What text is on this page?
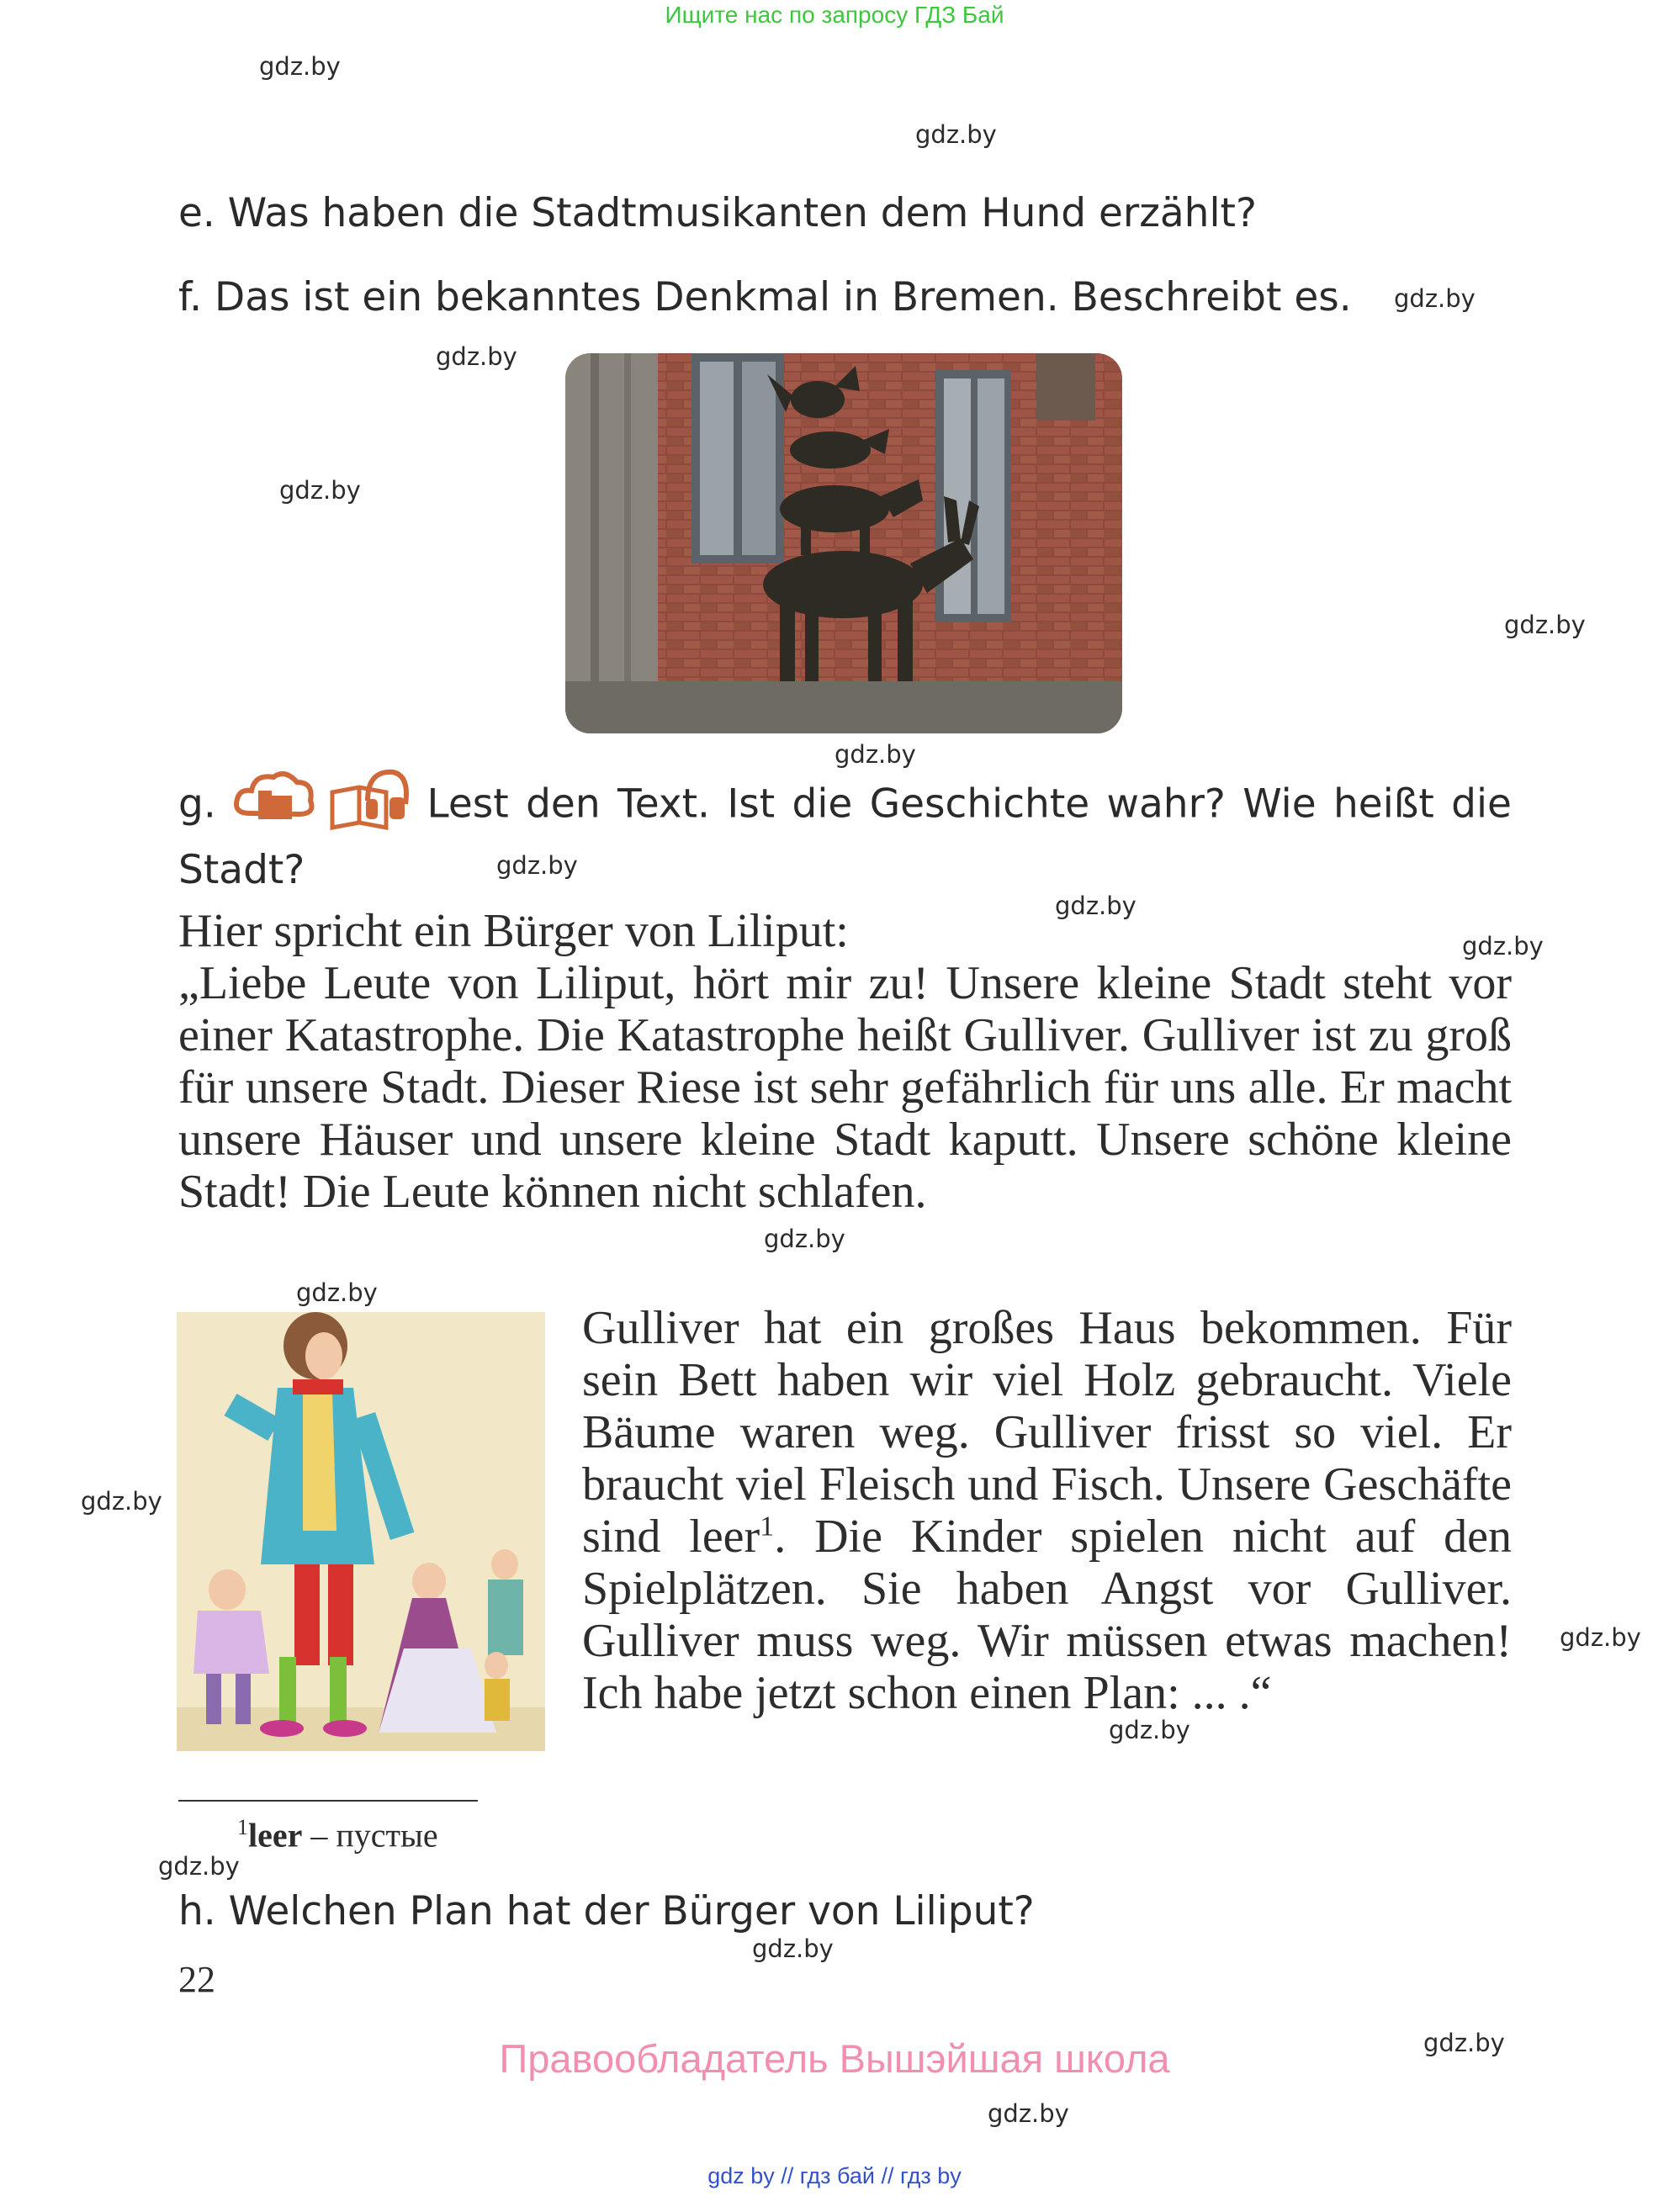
Ищите нас по запросу ГДЗ Бай
gdz.by
gdz.by
gdz.by
gdz.by
gdz.by
gdz.by
gdz.by
gdz.by
gdz.by
gdz.by
gdz.by
gdz.by
gdz.by
gdz.by
gdz.by
gdz.by
gdz.by
gdz.by
gdz.by
e. Was haben die Stadtmusikanten dem Hund erzählt?
f. Das ist ein bekanntes Denkmal in Bremen. Beschreibt es.
g.	Lest den Text. Ist die Geschichte wahr? Wie heißt die Stadt?
Hier spricht ein Bürger von Liliput:
„Liebe Leute von Liliput, hört mir zu! Unsere kleine Stadt steht vor einer Katastrophe. Die Katastrophe heißt Gulliver. Gulliver ist zu groß für unsere Stadt. Dieser Riese ist sehr gefährlich für uns alle. Er macht unsere Häuser und unsere kleine Stadt kaputt. Unsere schöne kleine Stadt! Die Leute können nicht schlafen.
Gulliver hat ein großes Haus bekommen. Für sein Bett haben wir viel Holz gebraucht. Viele Bäume waren weg. Gulliver frisst so viel. Er braucht viel Fleisch und Fisch. Unsere Geschäfte sind leer$^1$. Die Kinder spielen nicht auf den Spielplätzen. Sie haben Angst vor Gulliver. Gulliver muss weg. Wir müssen etwas machen! Ich habe jetzt schon einen Plan: ... .“
$^1$leer – пустые
h. Welchen Plan hat der Bürger von Liliput?
22
Правообладатель Вышэйшая школа
gdz by // гдз бай // гдз by
